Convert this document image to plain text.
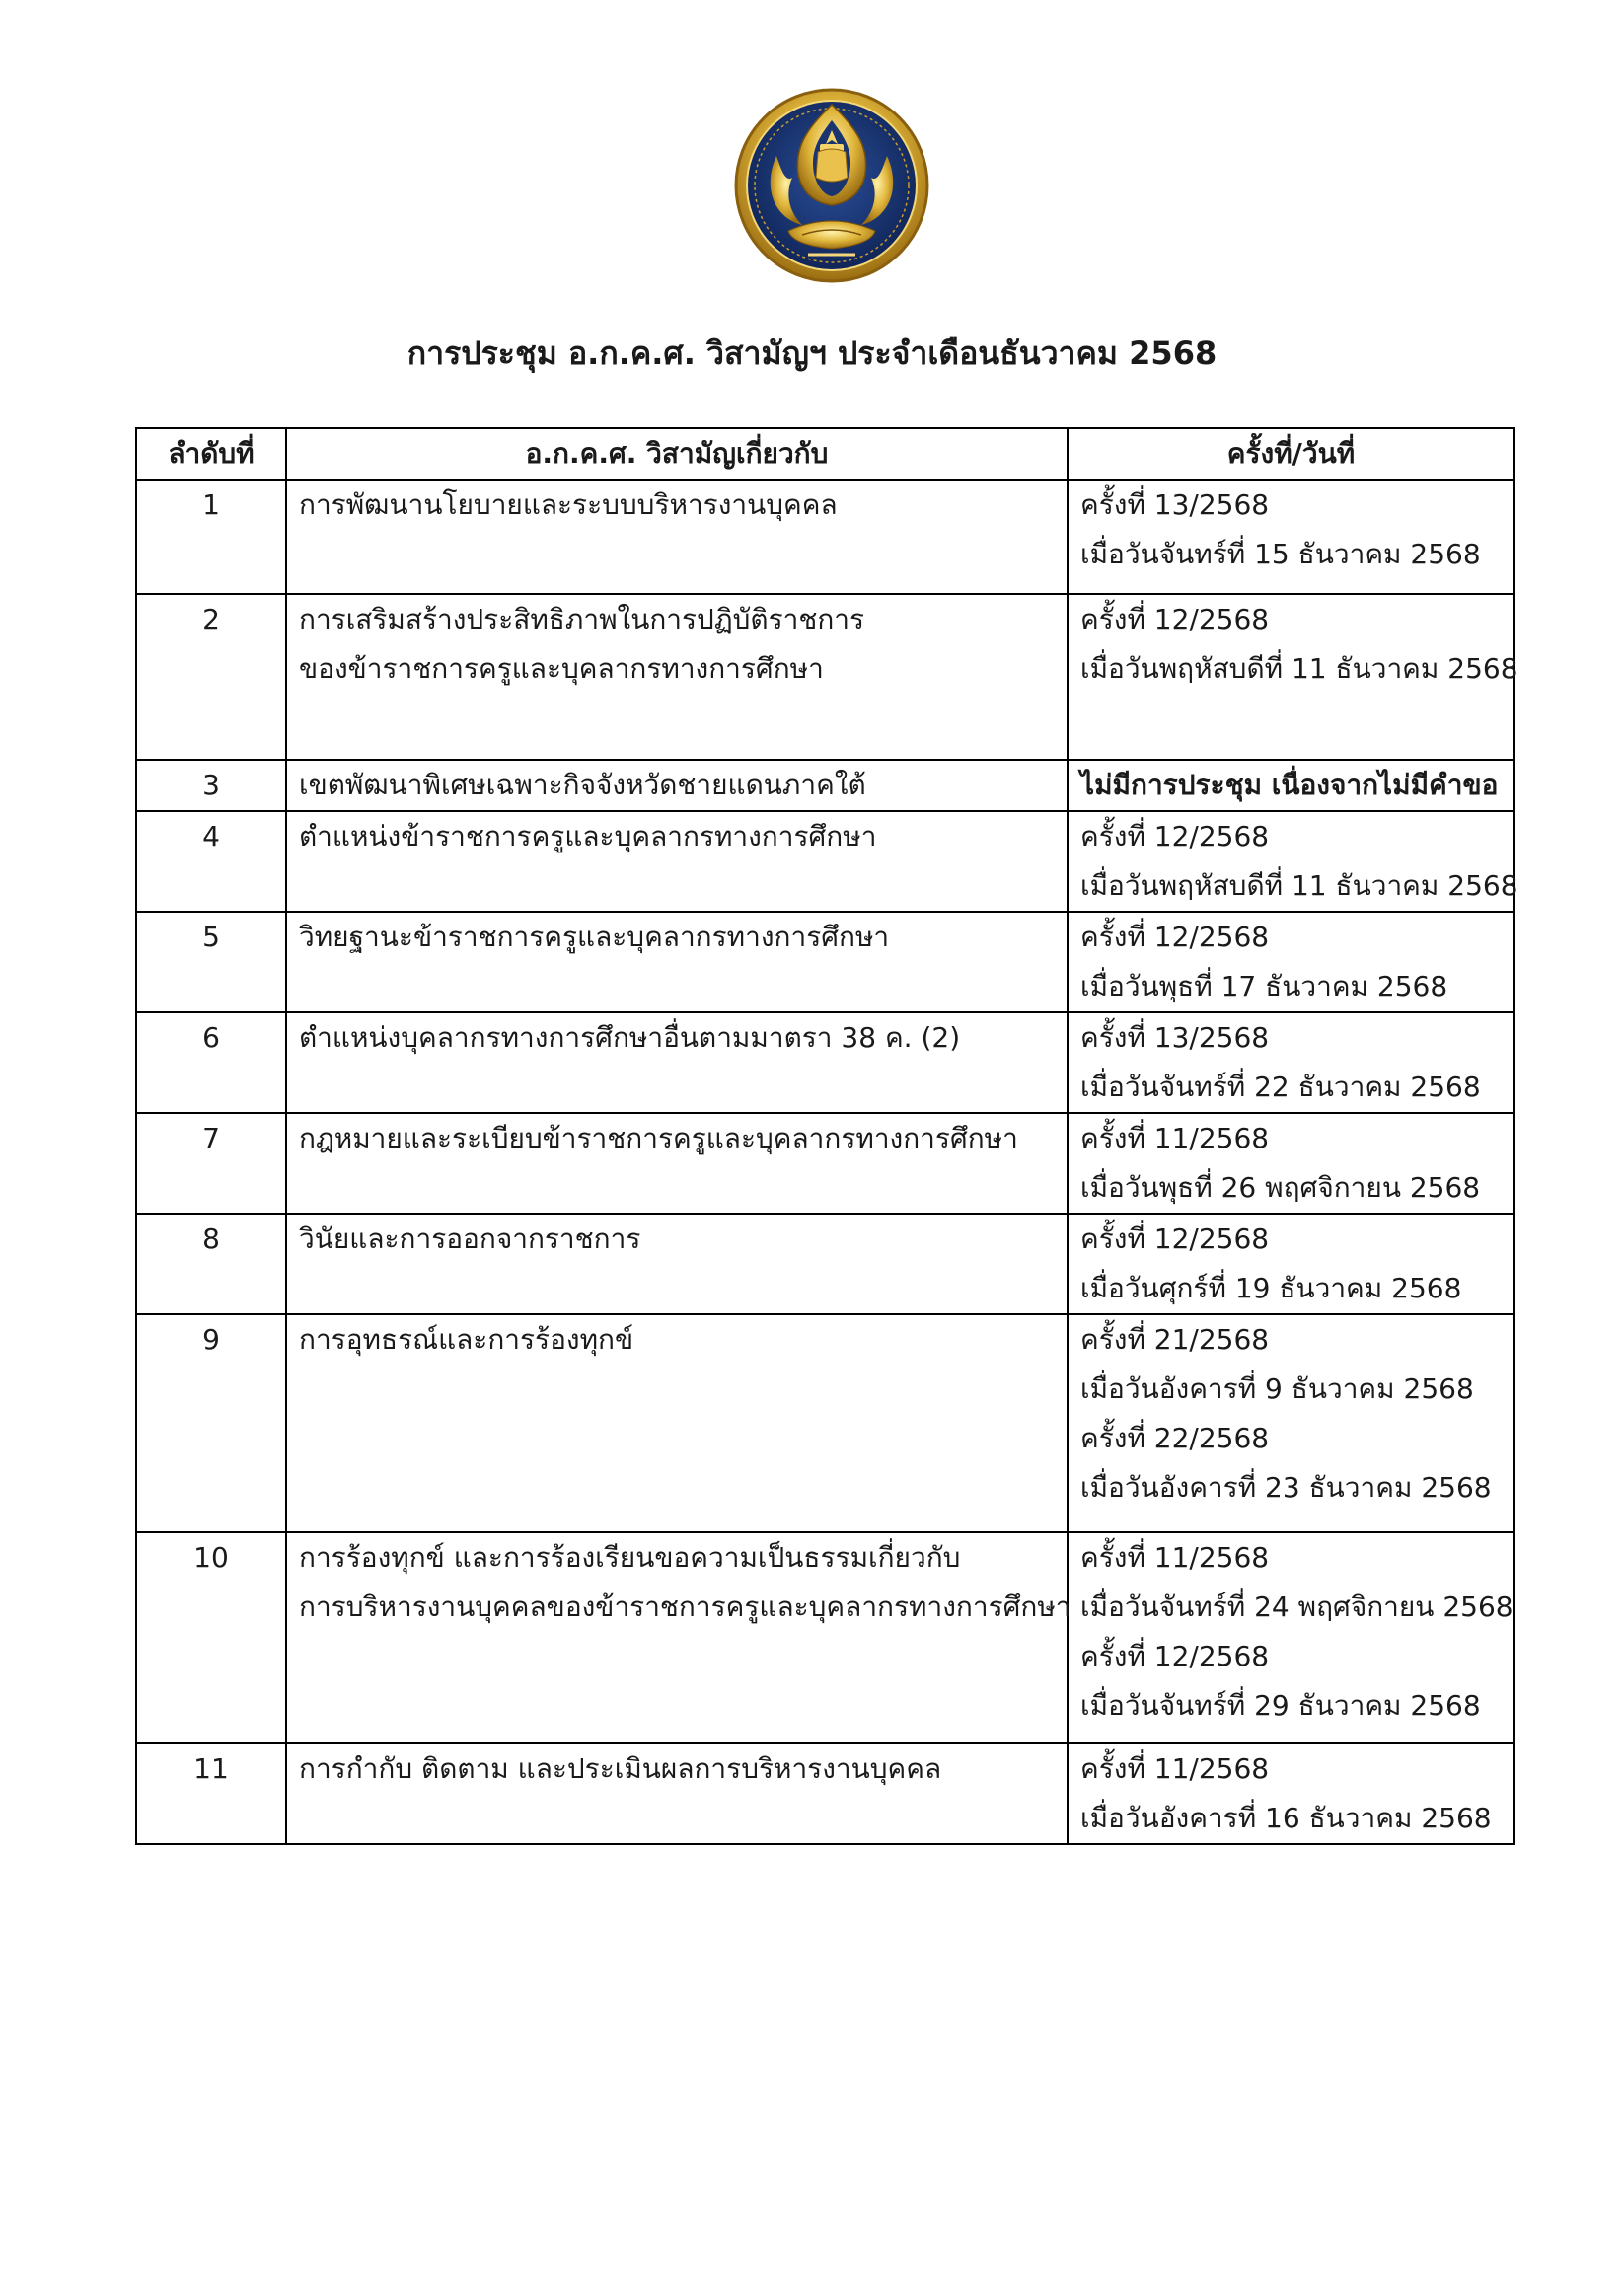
การประชุม อ.ก.ค.ศ. วิสามัญฯ ประจำเดือนธันวาคม 2568
ลำดับที่	อ.ก.ค.ศ. วิสามัญเกี่ยวกับ	ครั้งที่/วันที่
1	การพัฒนานโยบายและระบบบริหารงานบุคคล	ครั้งที่ 13/2568
เมื่อวันจันทร์ที่ 15 ธันวาคม 2568

2	การเสริมสร้างประสิทธิภาพในการปฏิบัติราชการ
ของข้าราชการครูและบุคลากรทางการศึกษา	ครั้งที่ 12/2568
เมื่อวันพฤหัสบดีที่ 11 ธันวาคม 2568

3	เขตพัฒนาพิเศษเฉพาะกิจจังหวัดชายแดนภาคใต้	ไม่มีการประชุม เนื่องจากไม่มีคำขอ

4	ตำแหน่งข้าราชการครูและบุคลากรทางการศึกษา	ครั้งที่ 12/2568
เมื่อวันพฤหัสบดีที่ 11 ธันวาคม 2568

5	วิทยฐานะข้าราชการครูและบุคลากรทางการศึกษา	ครั้งที่ 12/2568
เมื่อวันพุธที่ 17 ธันวาคม 2568

6	ตำแหน่งบุคลากรทางการศึกษาอื่นตามมาตรา 38 ค. (2)	ครั้งที่ 13/2568
เมื่อวันจันทร์ที่ 22 ธันวาคม 2568

7	กฎหมายและระเบียบข้าราชการครูและบุคลากรทางการศึกษา	ครั้งที่ 11/2568
เมื่อวันพุธที่ 26 พฤศจิกายน 2568

8	วินัยและการออกจากราชการ	ครั้งที่ 12/2568
เมื่อวันศุกร์ที่ 19 ธันวาคม 2568

9	การอุทธรณ์และการร้องทุกข์	ครั้งที่ 21/2568
เมื่อวันอังคารที่ 9 ธันวาคม 2568
ครั้งที่ 22/2568
เมื่อวันอังคารที่ 23 ธันวาคม 2568

10	การร้องทุกข์ และการร้องเรียนขอความเป็นธรรมเกี่ยวกับ
การบริหารงานบุคคลของข้าราชการครูและบุคลากรทางการศึกษา	ครั้งที่ 11/2568
เมื่อวันจันทร์ที่ 24 พฤศจิกายน 2568
ครั้งที่ 12/2568
เมื่อวันจันทร์ที่ 29 ธันวาคม 2568

11	การกำกับ ติดตาม และประเมินผลการบริหารงานบุคคล	ครั้งที่ 11/2568
เมื่อวันอังคารที่ 16 ธันวาคม 2568
